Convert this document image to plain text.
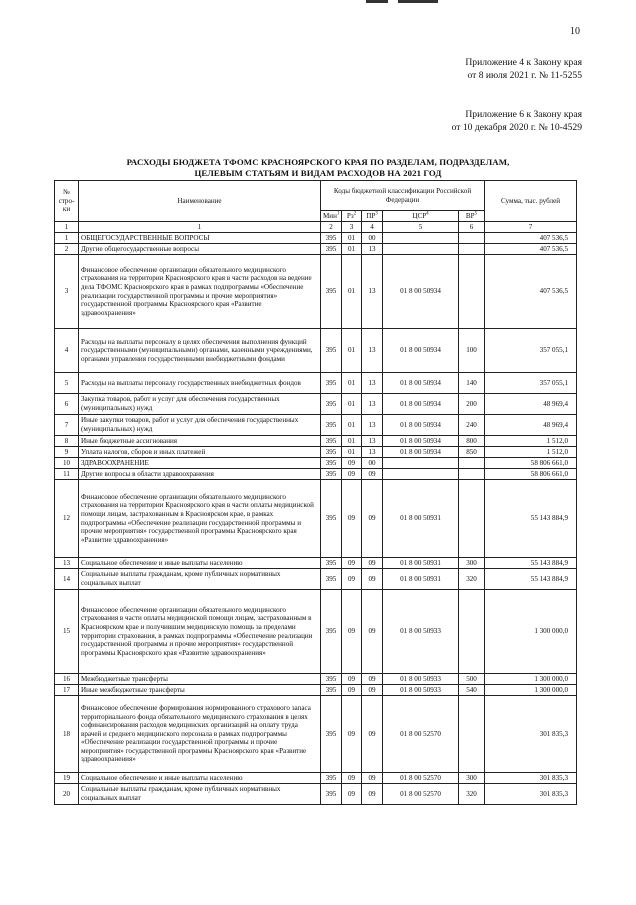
10
Приложение 4 к Закону края
от 8 июля 2021 г. № 11-5255
Приложение 6 к Закону края
от 10 декабря 2020 г. № 10-4529
РАСХОДЫ БЮДЖЕТА ТФОМС КРАСНОЯРСКОГО КРАЯ ПО РАЗДЕЛАМ, ПОДРАЗДЕЛАМ,
ЦЕЛЕВЫМ СТАТЬЯМ И ВИДАМ РАСХОДОВ НА 2021 ГОД
№
стро-
ки	Наименование	Коды бюджетной классификации Российской Федерации					Сумма, тыс. рублей
		Мин$^1$	$Рз^2$	$ПР^3$	ЦСР$^4$	$ВР^5$
1	1	2	3	4	5	6	7
1	ОБЩЕГОСУДАРСТВЕННЫЕ ВОПРОСЫ	395	01	00			407 536,5
2	Другие общегосударственные вопросы	395	01	13			407 536,5
3	Финансовое обеспечение организации обязательного медицинского страхования на территории Красноярского края в части расходов на ведение дела ТФОМС Красноярского края в рамках подпрограммы «Обеспечение реализации государственной программы и прочие мероприятия» государственной программы Красноярского края «Развитие здравоохранения»	395	01	13	01 8 00 50934		407 536,5
4	Расходы на выплаты персоналу в целях обеспечения выполнения функций государственными (муниципальными) органами, казенными учреждениями, органами управления государственными внебюджетными фондами	395	01	13	01 8 00 50934	100	357 055,1
5	Расходы на выплаты персоналу государственных внебюджетных фондов	395	01	13	01 8 00 50934	140	357 055,1
6	Закупка товаров, работ и услуг для обеспечения государственных (муниципальных) нужд	395	01	13	01 8 00 50934	200	48 969,4
7	Иные закупки товаров, работ и услуг для обеспечения государственных (муниципальных) нужд	395	01	13	01 8 00 50934	240	48 969,4
8	Иные бюджетные ассигнования	395	01	13	01 8 00 50934	800	1 512,0
9	Уплата налогов, сборов и иных платежей	395	01	13	01 8 00 50934	850	1 512,0
10	ЗДРАВООХРАНЕНИЕ	395	09	00			58 806 661,0
11	Другие вопросы в области здравоохранения	395	09	09			58 806 661,0
12	Финансовое обеспечение организации обязательного медицинского страхования на территории Красноярского края в части оплаты медицинской помощи лицам, застрахованным в Красноярском крае, в рамках подпрограммы «Обеспечение реализации государственной программы и прочие мероприятия» государственной программы Красноярского края «Развитие здравоохранения»	395	09	09	01 8 00 50931		55 143 884,9
13	Социальное обеспечение и иные выплаты населению	395	09	09	01 8 00 50931	300	55 143 884,9
14	Социальные выплаты гражданам, кроме публичных нормативных социальных выплат	395	09	09	01 8 00 50931	320	55 143 884,9
15	Финансовое обеспечение организации обязательного медицинского страхования в части оплаты медицинской помощи лицам, застрахованным в Красноярском крае и получившим медицинскую помощь за пределами территории страхования, в рамках подпрограммы «Обеспечение реализации государственной программы и прочие мероприятия» государственной программы Красноярского края «Развитие здравоохранения»	395	09	09	01 8 00 50933		1 300 000,0
16	Межбюджетные трансферты	395	09	09	01 8 00 50933	500	1 300 000,0
17	Иные межбюджетные трансферты	395	09	09	01 8 00 50933	540	1 300 000,0
18	Финансовое обеспечение формирования нормированного страхового запаса территориального фонда обязательного медицинского страхования в целях софинансирования расходов медицинских организаций на оплату труда врачей и среднего медицинского персонала в рамках подпрограммы «Обеспечение реализации государственной программы и прочие мероприятия» государственной программы Красноярского края «Развитие здравоохранения»	395	09	09	01 8 00 52570		301 835,3
19	Социальное обеспечение и иные выплаты населению	395	09	09	01 8 00 52570	300	301 835,3
20	Социальные выплаты гражданам, кроме публичных нормативных социальных выплат	395	09	09	01 8 00 52570	320	301 835,3
